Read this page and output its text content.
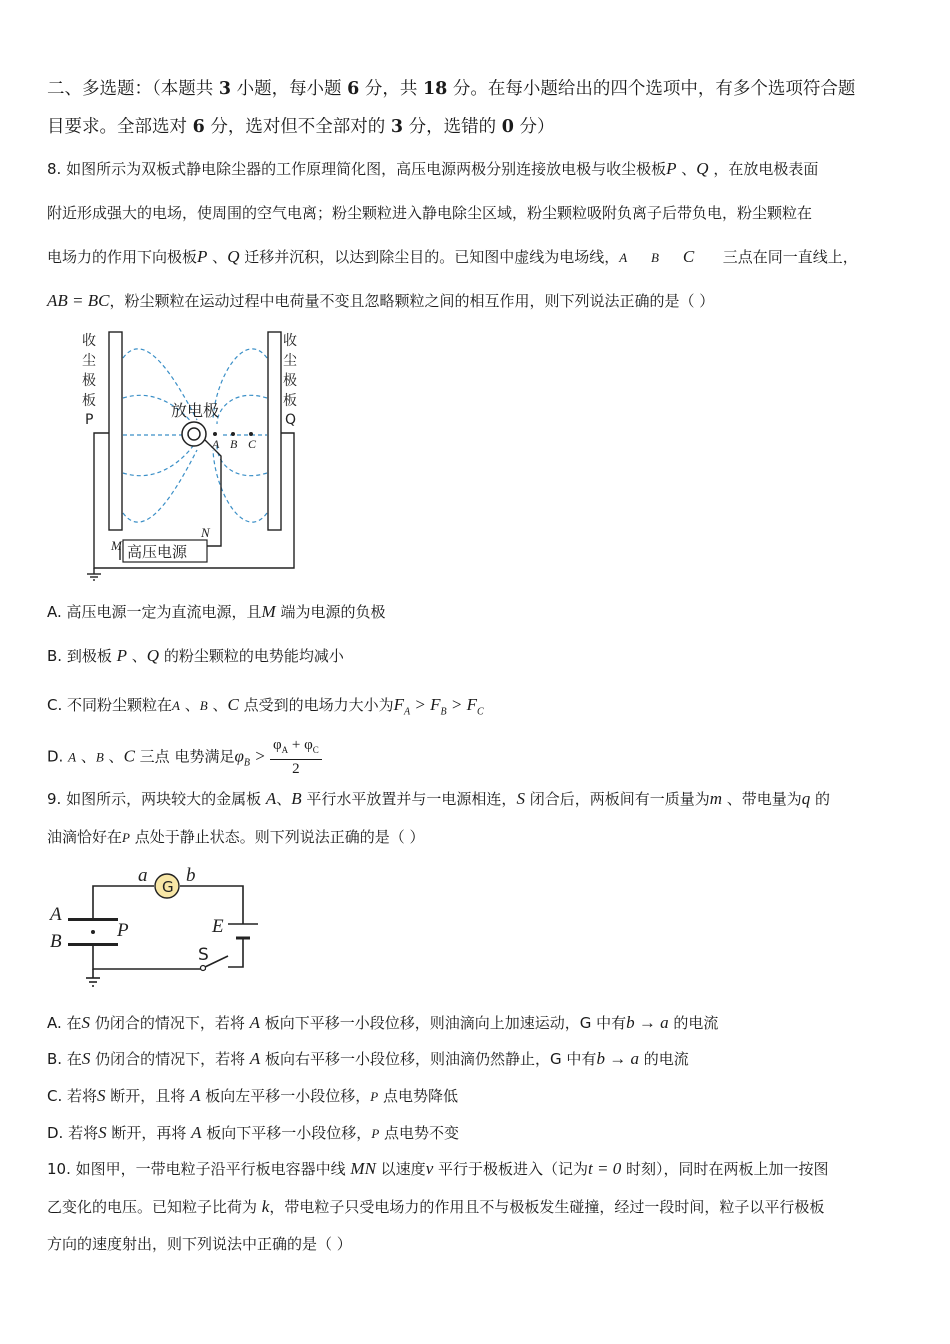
二、多选题：（本题共 3 小题，每小题 6 分，共 18 分。在每小题给出的四个选项中，有多个选项符合题
目要求。全部选对 6 分，选对但不全部对的 3 分，选错的 0 分）
8. 如图所示为双板式静电除尘器的工作原理简化图，高压电源两极分别连接放电极与收尘极板P 、Q ，在放电极表面
附近形成强大的电场，使周围的空气电离；粉尘颗粒进入静电除尘区域，粉尘颗粒吸附负离子后带负电，粉尘颗粒在
电场力的作用下向极板P 、Q 迁移并沉积，以达到除尘目的。已知图中虚线为电场线，A B C 三点在同一直线上，
AB = BC，粉尘颗粒在运动过程中电荷量不变且忽略颗粒之间的相互作用，则下列说法正确的是（ ）
收
尘
极
板
P
收
尘
极
板
Q
放电极
A B C
高压电源
M
N
A. 高压电源一定为直流电源，且M 端为电源的负极
B. 到极板 P 、Q 的粉尘颗粒的电势能均减小
C. 不同粉尘颗粒在A 、B 、C 点受到的电场力大小为$F_A > F_B > F_C$
D. A 、B 、C 三点 电势满足$\varphi_B > \frac{\varphi_A + \varphi_C}{2}$
9. 如图所示，两块较大的金属板 A、B 平行水平放置并与一电源相连，S 闭合后，两板间有一质量为m 、带电量为q 的
油滴恰好在P 点处于静止状态。则下列说法正确的是（ ）
G
a b
A
B
P	E
S
A. 在S 仍闭合的情况下，若将 A 板向下平移一小段位移，则油滴向上加速运动，G 中有b → a 的电流
B. 在S 仍闭合的情况下，若将 A 板向右平移一小段位移，则油滴仍然静止，G 中有b → a 的电流
C. 若将S 断开，且将 A 板向左平移一小段位移，P 点电势降低
D. 若将S 断开，再将 A 板向下平移一小段位移，P 点电势不变
10. 如图甲，一带电粒子沿平行板电容器中线 MN 以速度v 平行于极板进入（记为t = 0 时刻），同时在两板上加一按图
乙变化的电压。已知粒子比荷为 k，带电粒子只受电场力的作用且不与极板发生碰撞，经过一段时间，粒子以平行极板
方向的速度射出，则下列说法中正确的是（ ）
